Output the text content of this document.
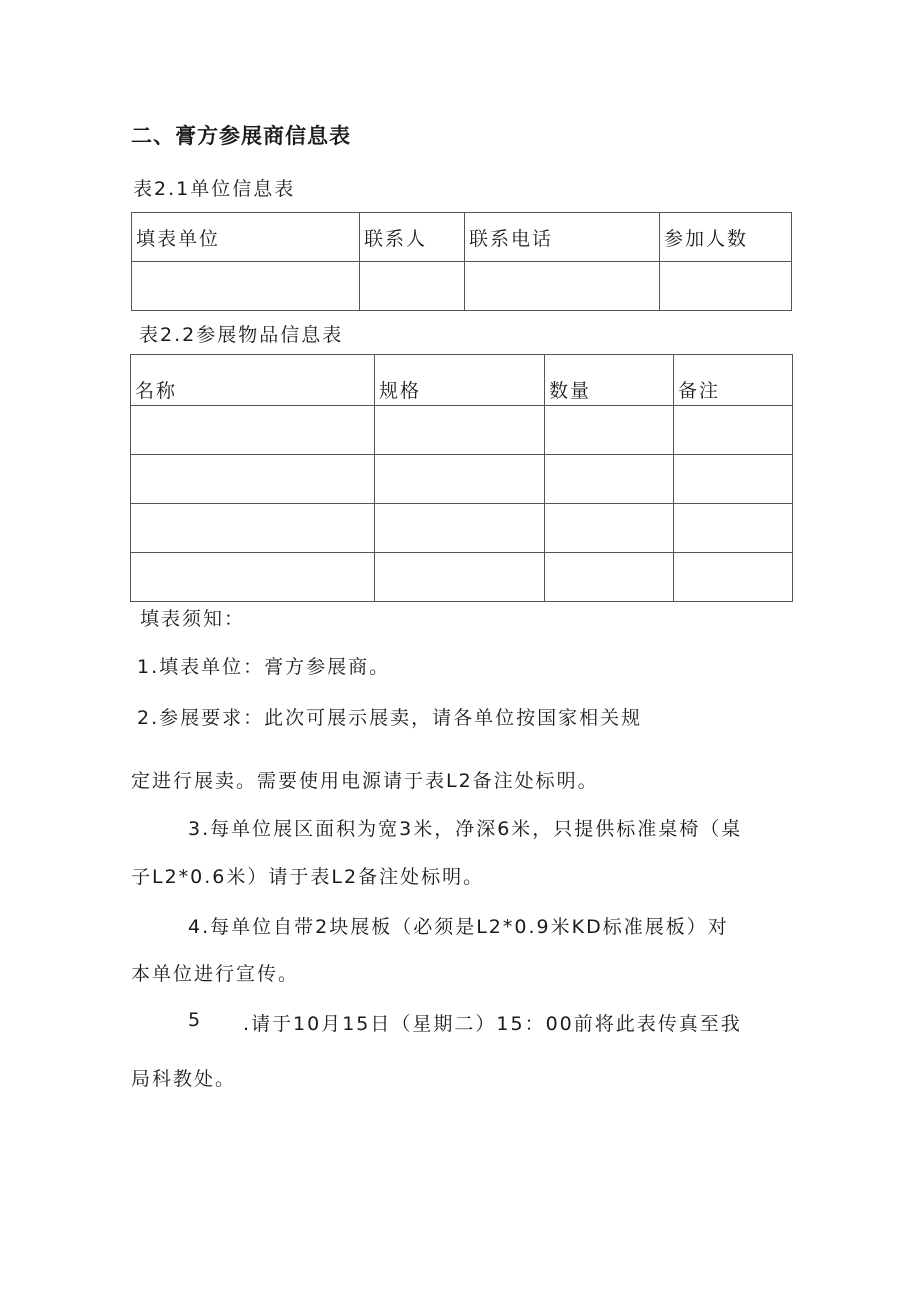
二、膏方参展商信息表
表2.1单位信息表
填表单位	联系人	联系电话	参加人数

表2.2参展物品信息表
名称	规格	数量	备注

填表须知：
1.填表单位：膏方参展商。
2.参展要求：此次可展示展卖，请各单位按国家相关规
定进行展卖。需要使用电源请于表L2备注处标明。
3.每单位展区面积为宽3米，净深6米，只提供标准桌椅（桌
子L2*0.6米）请于表L2备注处标明。
4.每单位自带2块展板（必须是L2*0.9米KD标准展板）对
本单位进行宣传。
5 .请于10月15日（星期二）15：00前将此表传真至我
局科教处。
